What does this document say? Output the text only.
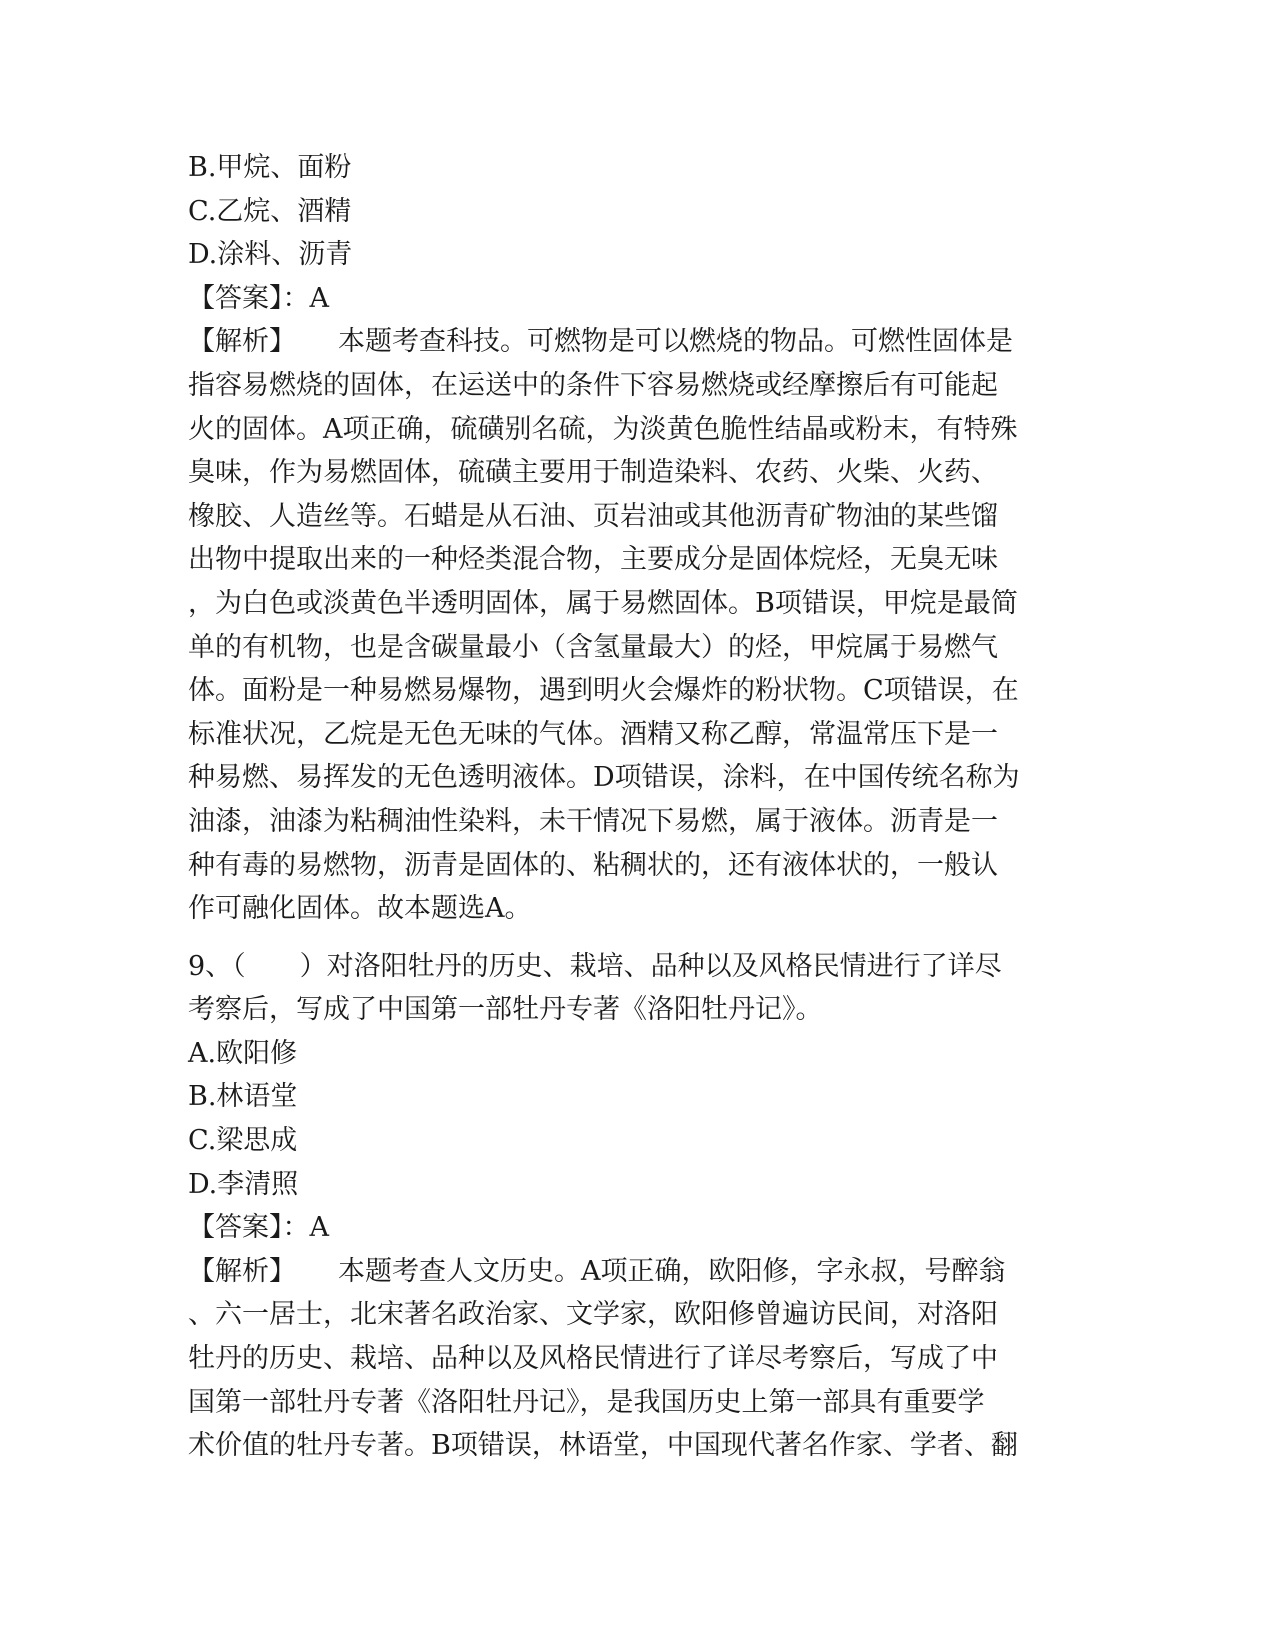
B.甲烷、面粉
C.乙烷、酒精
D.涂料、沥青
【答案】：A
【解析】 本题考查科技。可燃物是可以燃烧的物品。可燃性固体是
指容易燃烧的固体，在运送中的条件下容易燃烧或经摩擦后有可能起
火的固体。A项正确，硫磺别名硫，为淡黄色脆性结晶或粉末，有特殊
臭味，作为易燃固体，硫磺主要用于制造染料、农药、火柴、火药、
橡胶、人造丝等。石蜡是从石油、页岩油或其他沥青矿物油的某些馏
出物中提取出来的一种烃类混合物，主要成分是固体烷烃，无臭无味
，为白色或淡黄色半透明固体，属于易燃固体。B项错误，甲烷是最简
单的有机物，也是含碳量最小（含氢量最大）的烃，甲烷属于易燃气
体。面粉是一种易燃易爆物，遇到明火会爆炸的粉状物。C项错误，在
标准状况，乙烷是无色无味的气体。酒精又称乙醇，常温常压下是一
种易燃、易挥发的无色透明液体。D项错误，涂料，在中国传统名称为
油漆，油漆为粘稠油性染料，未干情况下易燃，属于液体。沥青是一
种有毒的易燃物，沥青是固体的、粘稠状的，还有液体状的，一般认
作可融化固体。故本题选A。
9、（　　）对洛阳牡丹的历史、栽培、品种以及风格民情进行了详尽
考察后，写成了中国第一部牡丹专著《洛阳牡丹记》。
A.欧阳修
B.林语堂
C.梁思成
D.李清照
【答案】：A
【解析】 本题考查人文历史。A项正确，欧阳修，字永叔，号醉翁
、六一居士，北宋著名政治家、文学家，欧阳修曾遍访民间，对洛阳
牡丹的历史、栽培、品种以及风格民情进行了详尽考察后，写成了中
国第一部牡丹专著《洛阳牡丹记》，是我国历史上第一部具有重要学
术价值的牡丹专著。B项错误，林语堂，中国现代著名作家、学者、翻
